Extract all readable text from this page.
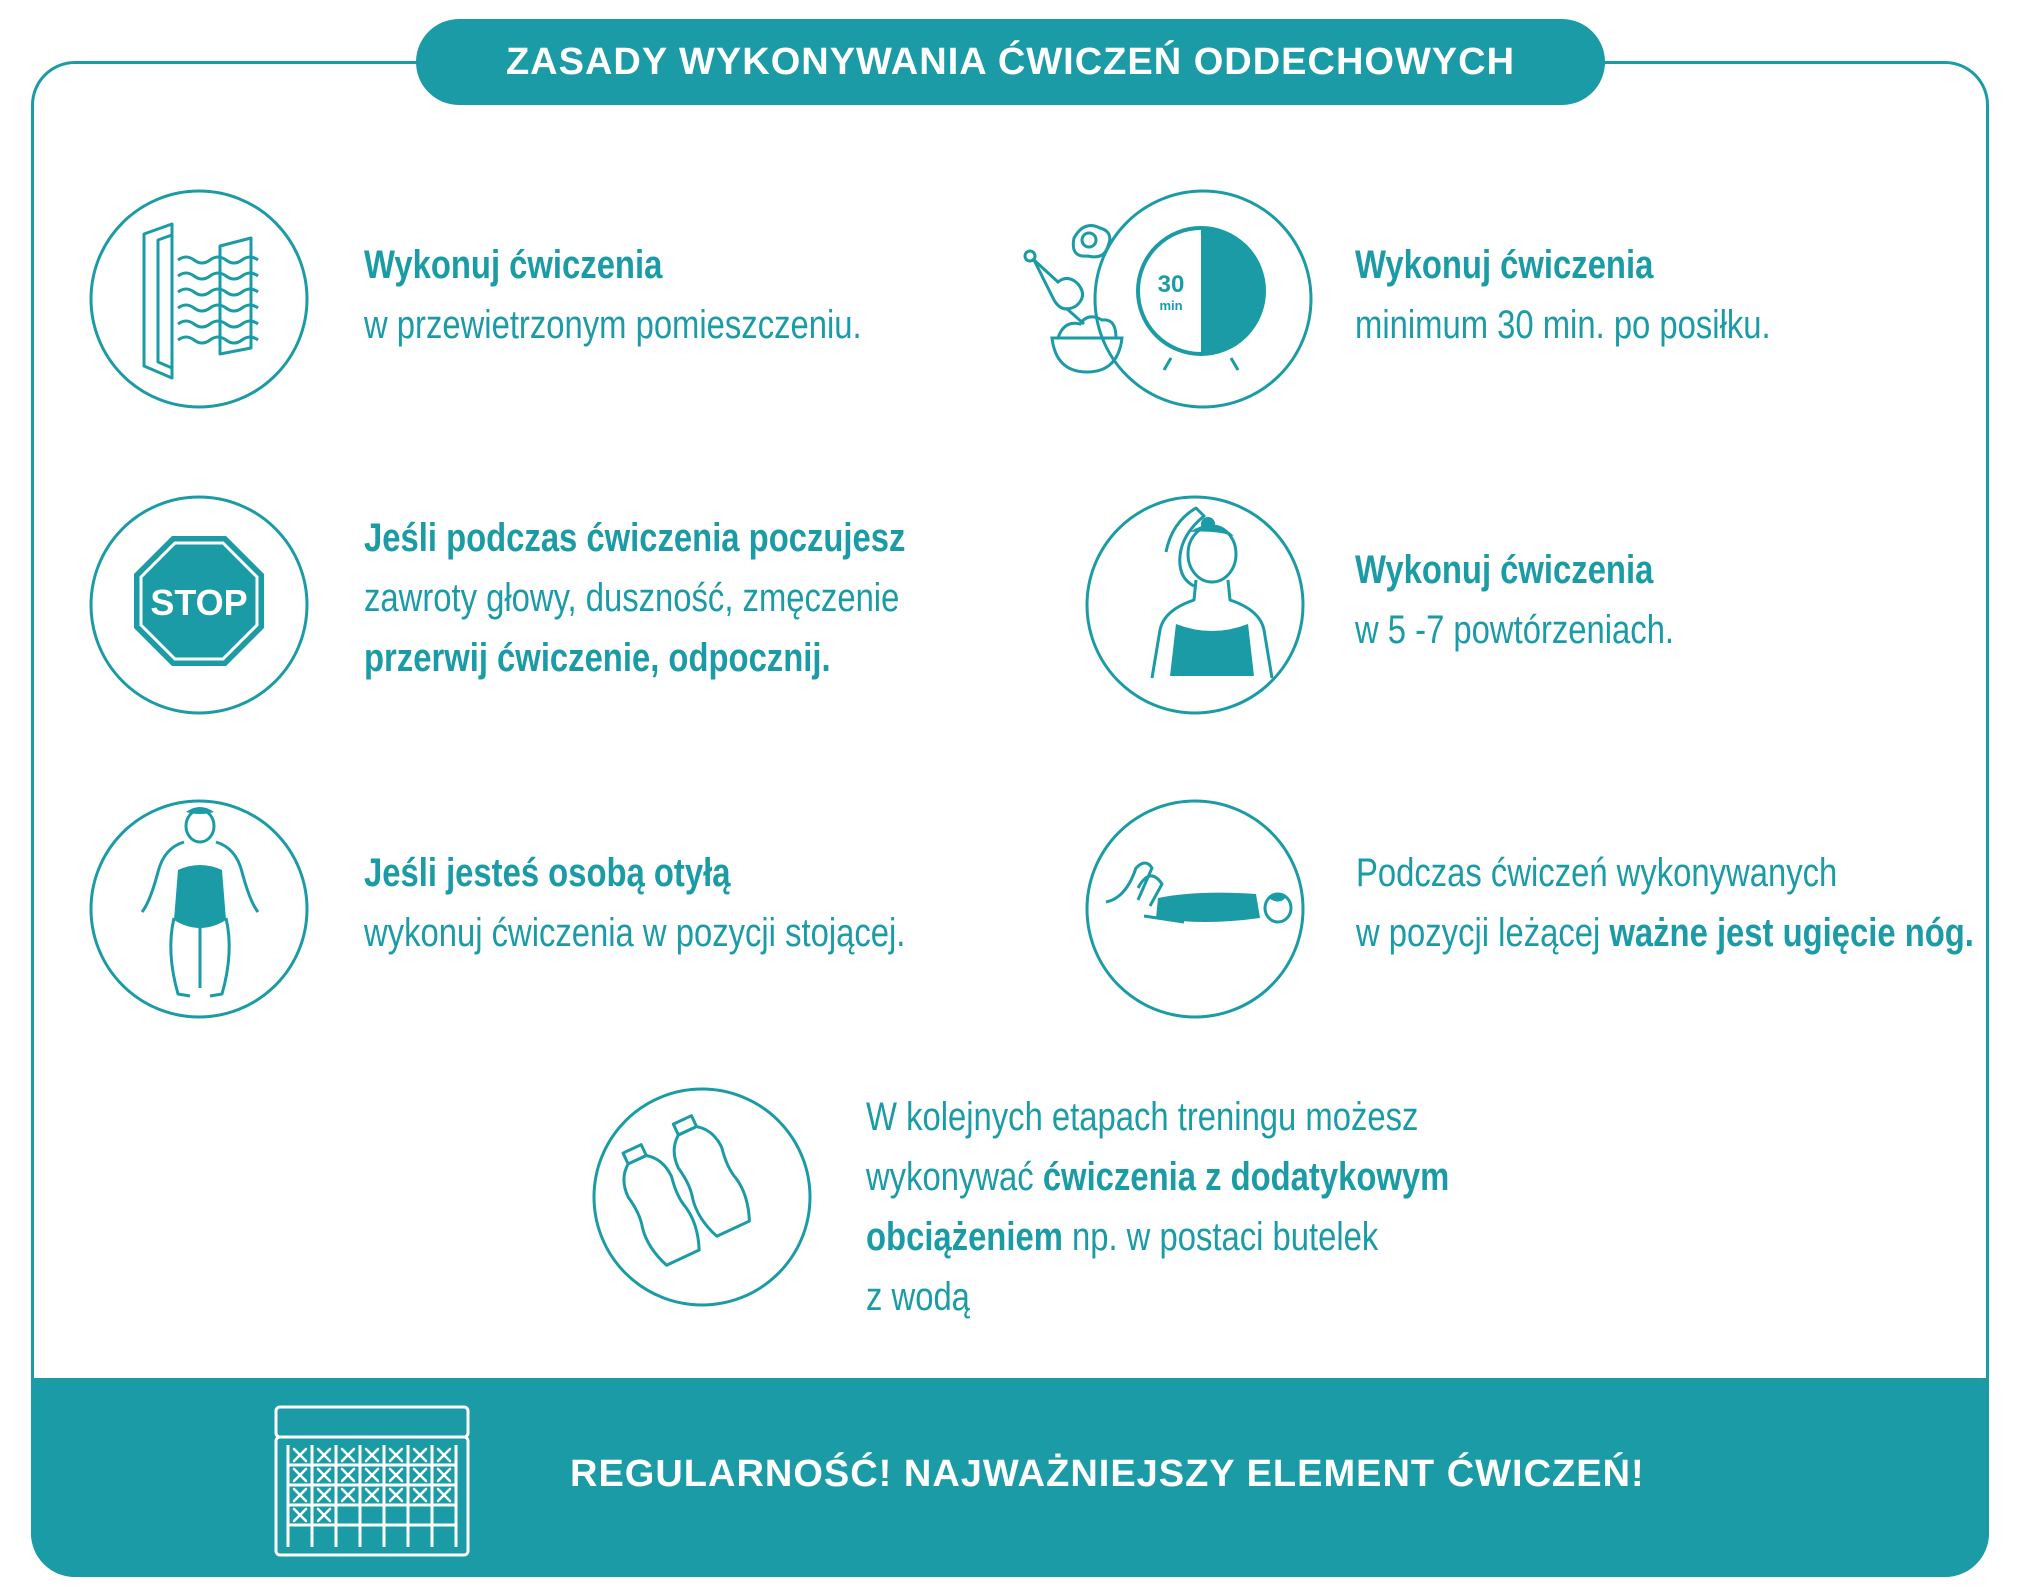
ZASADY WYKONYWANIA ĆWICZEŃ ODDECHOWYCH
Wykonuj ćwiczenia
w przewietrzonym pomieszczeniu.
30
min
Wykonuj ćwiczenia
minimum 30 min. po posiłku.
STOP
Jeśli podczas ćwiczenia poczujesz
zawroty głowy, duszność, zmęczenie
przerwij ćwiczenie, odpocznij.
Wykonuj ćwiczenia
w 5 -7 powtórzeniach.
Jeśli jesteś osobą otyłą
wykonuj ćwiczenia w pozycji stojącej.
Podczas ćwiczeń wykonywanych
w pozycji leżącej ważne jest ugięcie nóg.
W kolejnych etapach treningu możesz
wykonywać ćwiczenia z dodatykowym
obciążeniem np. w postaci butelek
z wodą
REGULARNOŚĆ! NAJWAŻNIEJSZY ELEMENT ĆWICZEŃ!
